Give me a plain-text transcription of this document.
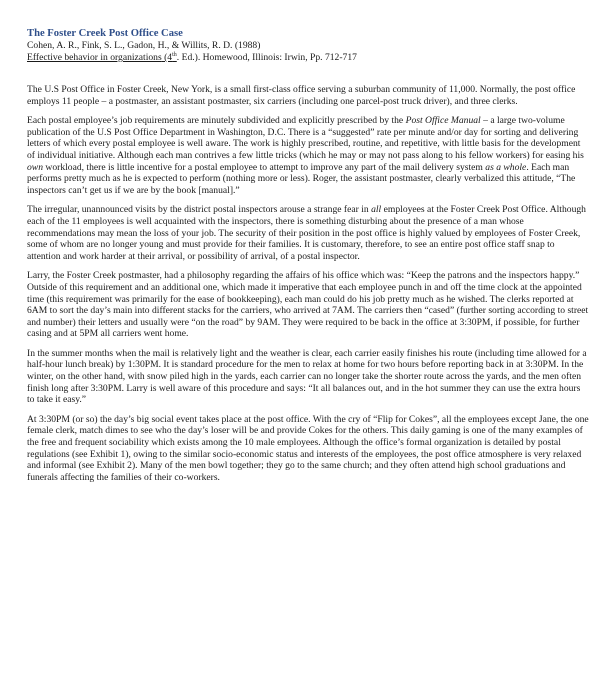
The Foster Creek Post Office Case

Cohen, A. R., Fink, S. L., Gadon, H., & Willits, R. D. (1988)

Effective behavior in organizations (4th. Ed.). Homewood, Illinois: Irwin, Pp. 712-717

The U.S Post Office in Foster Creek, New York, is a small first-class office serving a suburban community of 11,000. Normally, the post office employs 11 people – a postmaster, an assistant postmaster, six carriers (including one parcel-post truck driver), and three clerks.

Each postal employee’s job requirements are minutely subdivided and explicitly prescribed by the Post Office Manual – a large two-volume publication of the U.S Post Office Department in Washington, D.C. There is a “suggested” rate per minute and/or day for sorting and delivering letters of which every postal employee is well aware. The work is highly prescribed, routine, and repetitive, with little basis for the development of individual initiative. Although each man contrives a few little tricks (which he may or may not pass along to his fellow workers) for easing his own workload, there is little incentive for a postal employee to attempt to improve any part of the mail delivery system as a whole. Each man performs pretty much as he is expected to perform (nothing more or less). Roger, the assistant postmaster, clearly verbalized this attitude, “The inspectors can’t get us if we are by the book [manual].”

The irregular, unannounced visits by the district postal inspectors arouse a strange fear in all employees at the Foster Creek Post Office. Although each of the 11 employees is well acquainted with the inspectors, there is something disturbing about the presence of a man whose recommendations may mean the loss of your job. The security of their position in the post office is highly valued by employees of Foster Creek, some of whom are no longer young and must provide for their families. It is customary, therefore, to see an entire post office staff snap to attention and work harder at their arrival, or possibility of arrival, of a postal inspector.

Larry, the Foster Creek postmaster, had a philosophy regarding the affairs of his office which was: “Keep the patrons and the inspectors happy.” Outside of this requirement and an additional one, which made it imperative that each employee punch in and off the time clock at the appointed time (this requirement was primarily for the ease of bookkeeping), each man could do his job pretty much as he wished. The clerks reported at 6AM to sort the day’s main into different stacks for the carriers, who arrived at 7AM. The carriers then “cased” (further sorting according to street and number) their letters and usually were “on the road” by 9AM. They were required to be back in the office at 3:30PM, if possible, for further casing and at 5PM all carriers went home.

In the summer months when the mail is relatively light and the weather is clear, each carrier easily finishes his route (including time allowed for a half-hour lunch break) by 1:30PM. It is standard procedure for the men to relax at home for two hours before reporting back in at 3:30PM. In the winter, on the other hand, with snow piled high in the yards, each carrier can no longer take the shorter route across the yards, and the men often finish long after 3:30PM. Larry is well aware of this procedure and says: “It all balances out, and in the hot summer they can use the extra hours to take it easy.”

At 3:30PM (or so) the day’s big social event takes place at the post office. With the cry of “Flip for Cokes”, all the employees except Jane, the one female clerk, match dimes to see who the day’s loser will be and provide Cokes for the others. This daily gaming is one of the many examples of the free and frequent sociability which exists among the 10 male employees. Although the office’s formal organization is detailed by postal regulations (see Exhibit 1), owing to the similar socio-economic status and interests of the employees, the post office atmosphere is very relaxed and informal (see Exhibit 2). Many of the men bowl together; they go to the same church; and they often attend high school graduations and funerals affecting the families of their co-workers.
